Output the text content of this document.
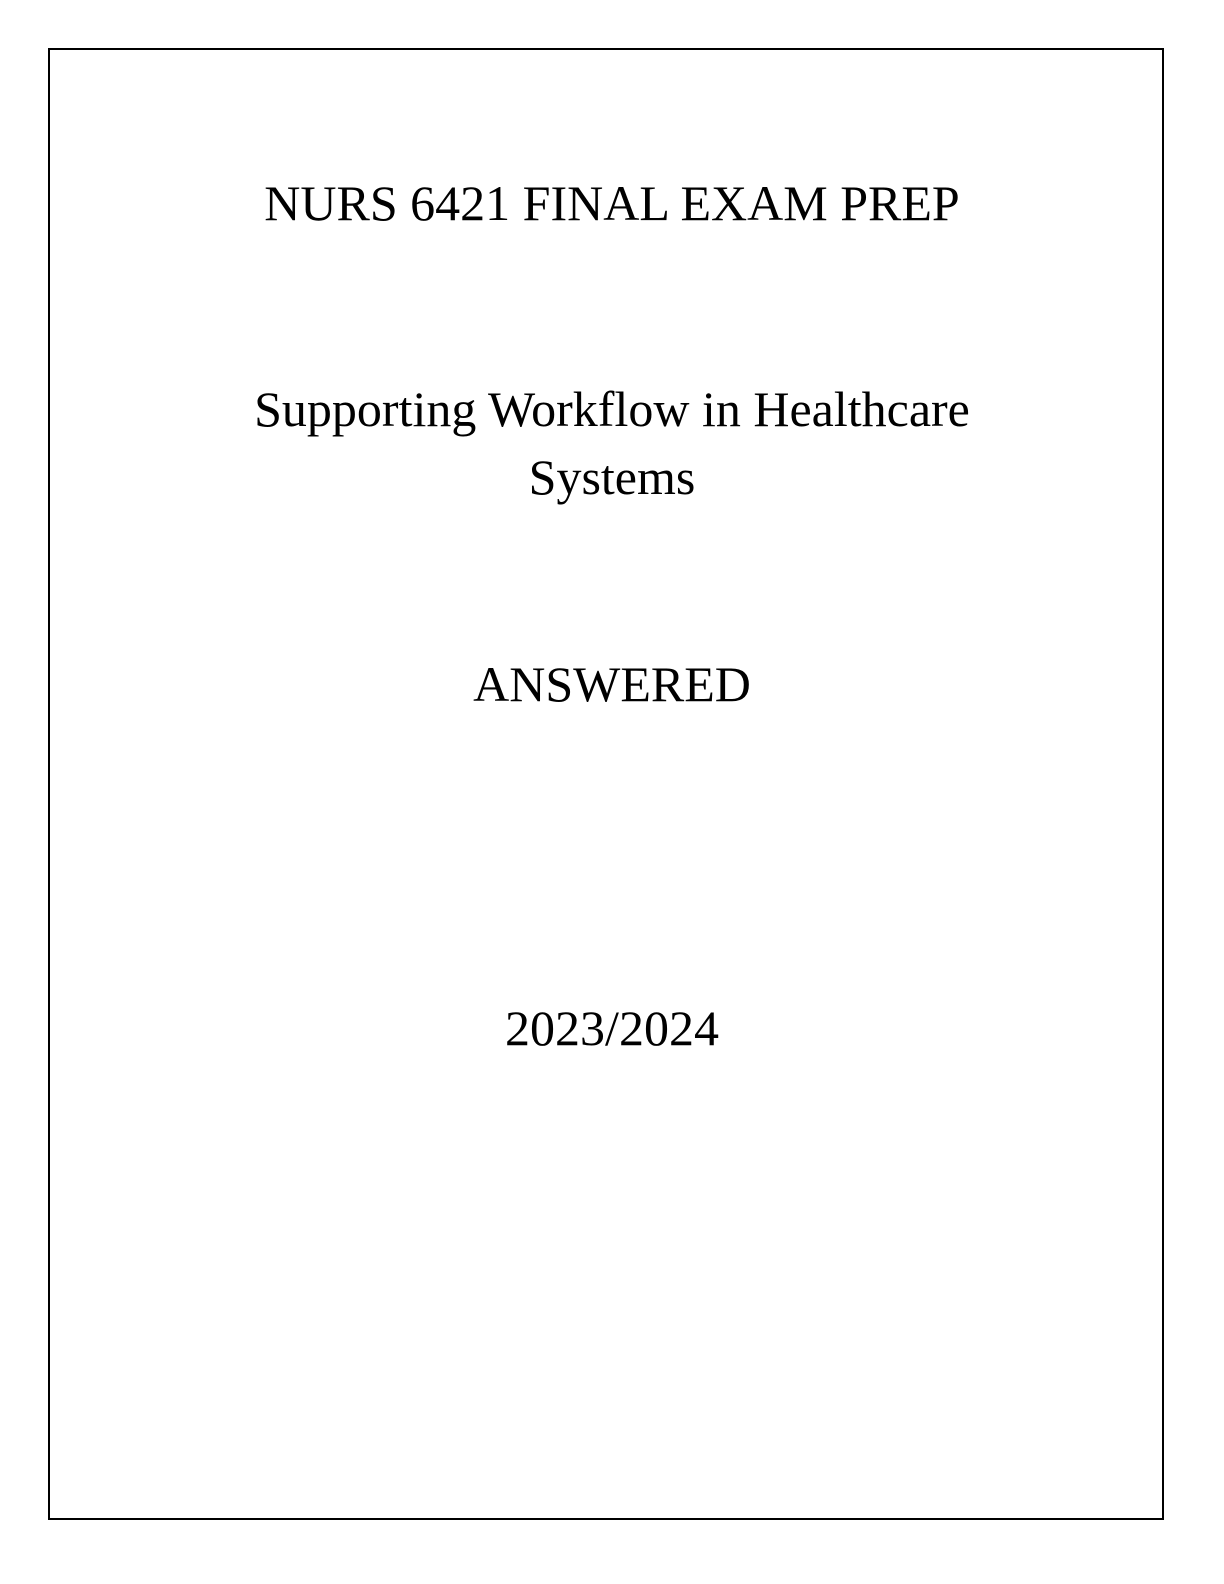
NURS 6421 FINAL EXAM PREP
Supporting Workflow in Healthcare
Systems
ANSWERED
2023/2024
